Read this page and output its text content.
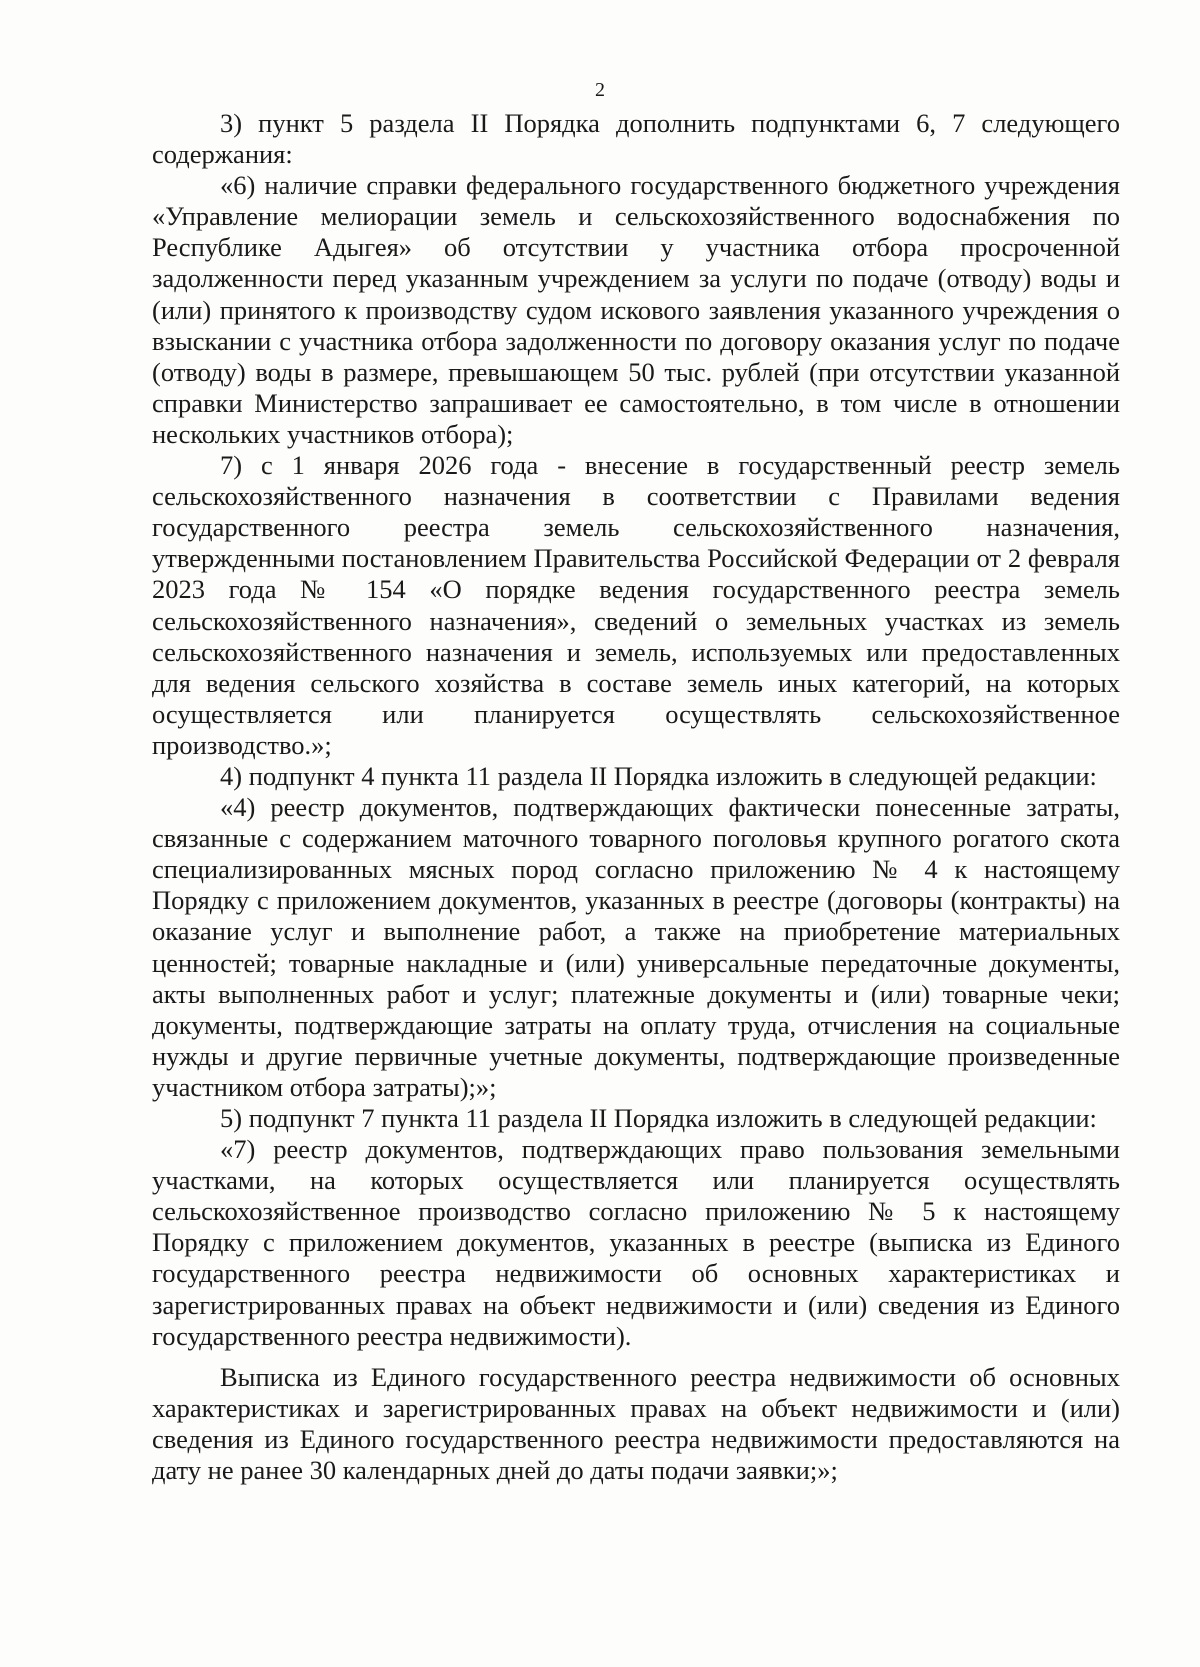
2

3) пункт 5 раздела II Порядка дополнить подпунктами 6, 7 следующего содержания:

«6) наличие справки федерального государственного бюджетного учреждения «Управление мелиорации земель и сельскохозяйственного водоснабжения по Республике Адыгея» об отсутствии у участника отбора просроченной задолженности перед указанным учреждением за услуги по подаче (отводу) воды и (или) принятого к производству судом искового заявления указанного учреждения о взыскании с участника отбора задолженности по договору оказания услуг по подаче (отводу) воды в размере, превышающем 50 тыс. рублей (при отсутствии указанной справки Министерство запрашивает ее самостоятельно, в том числе в отношении нескольких участников отбора);

7) с 1 января 2026 года - внесение в государственный реестр земель сельскохозяйственного назначения в соответствии с Правилами ведения государственного реестра земель сельскохозяйственного назначения, утвержденными постановлением Правительства Российской Федерации от 2 февраля 2023 года № 154 «О порядке ведения государственного реестра земель сельскохозяйственного назначения», сведений о земельных участках из земель сельскохозяйственного назначения и земель, используемых или предоставленных для ведения сельского хозяйства в составе земель иных категорий, на которых осуществляется или планируется осуществлять сельскохозяйственное производство.»;

4) подпункт 4 пункта 11 раздела II Порядка изложить в следующей редакции:

«4) реестр документов, подтверждающих фактически понесенные затраты, связанные с содержанием маточного товарного поголовья крупного рогатого скота специализированных мясных пород согласно приложению № 4 к настоящему Порядку с приложением документов, указанных в реестре (договоры (контракты) на оказание услуг и выполнение работ, а также на приобретение материальных ценностей; товарные накладные и (или) универсальные передаточные документы, акты выполненных работ и услуг; платежные документы и (или) товарные чеки; документы, подтверждающие затраты на оплату труда, отчисления на социальные нужды и другие первичные учетные документы, подтверждающие произведенные участником отбора затраты);»;

5) подпункт 7 пункта 11 раздела II Порядка изложить в следующей редакции:

«7) реестр документов, подтверждающих право пользования земельными участками, на которых осуществляется или планируется осуществлять сельскохозяйственное производство согласно приложению № 5 к настоящему Порядку с приложением документов, указанных в реестре (выписка из Единого государственного реестра недвижимости об основных характеристиках и зарегистрированных правах на объект недвижимости и (или) сведения из Единого государственного реестра недвижимости).

Выписка из Единого государственного реестра недвижимости об основных характеристиках и зарегистрированных правах на объект недвижимости и (или) сведения из Единого государственного реестра недвижимости предоставляются на дату не ранее 30 календарных дней до даты подачи заявки;»;
